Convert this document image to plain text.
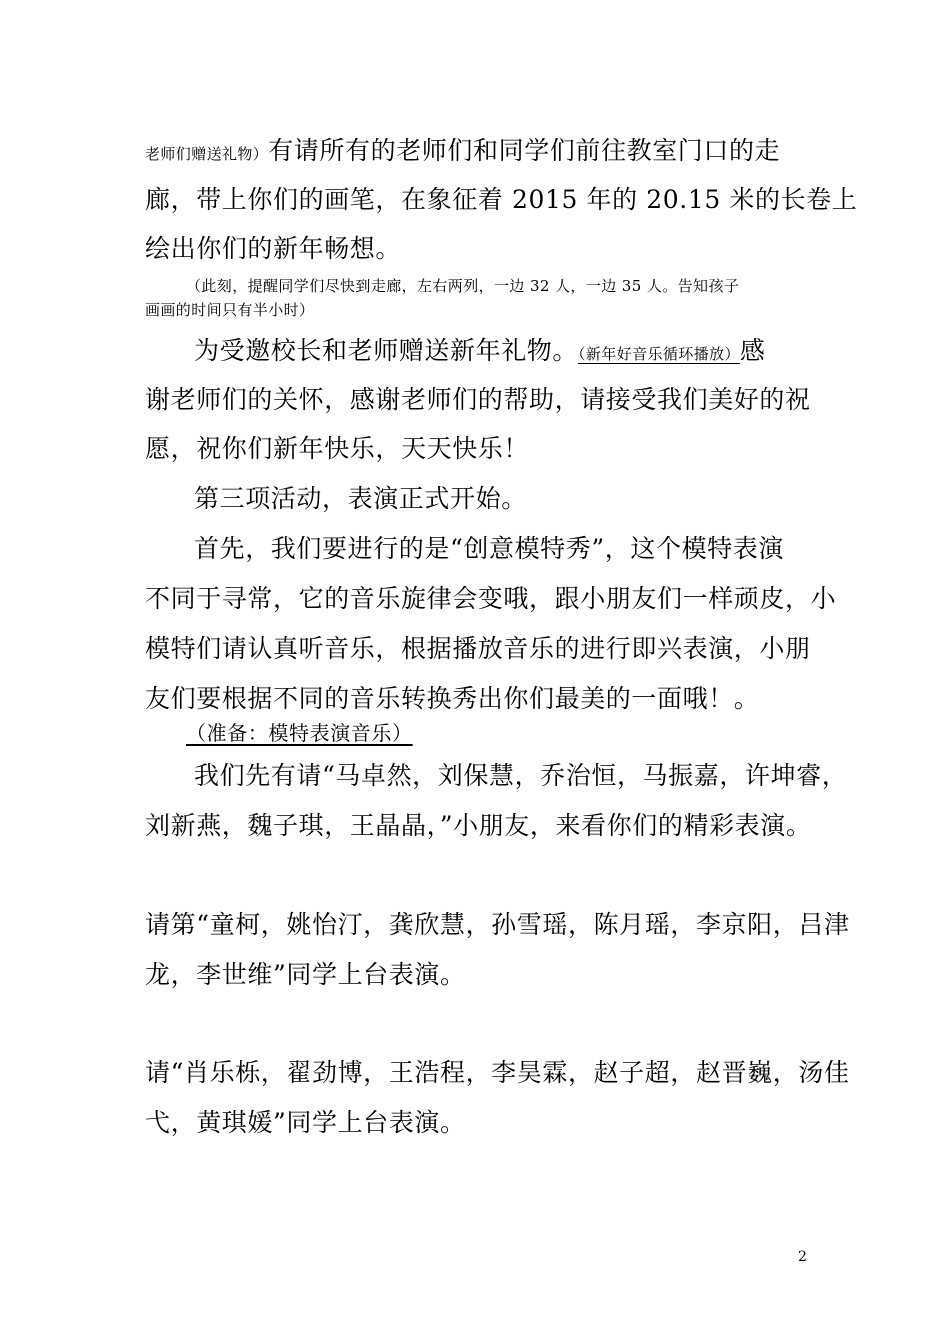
老师们赠送礼物）有请所有的老师们和同学们前往教室门口的走
廊，带上你们的画笔，在象征着 2015 年的 20.15 米的长卷上
绘出你们的新年畅想。
（此刻，提醒同学们尽快到走廊，左右两列，一边 32 人，一边 35 人。告知孩子
画画的时间只有半小时）
为受邀校长和老师赠送新年礼物。（新年好音乐循环播放）感
谢老师们的关怀，感谢老师们的帮助，请接受我们美好的祝
愿，祝你们新年快乐，天天快乐！
第三项活动，表演正式开始。
首先，我们要进行的是“创意模特秀”，这个模特表演
不同于寻常，它的音乐旋律会变哦，跟小朋友们一样顽皮，小
模特们请认真听音乐，根据播放音乐的进行即兴表演，小朋
友们要根据不同的音乐转换秀出你们最美的一面哦！。
（准备：模特表演音乐）
我们先有请“马卓然，刘保慧，乔治恒，马振嘉，许坤睿，
刘新燕，魏子琪，王晶晶，”小朋友，来看你们的精彩表演。
请第“童柯，姚怡汀，龚欣慧，孙雪瑶，陈月瑶，李京阳，吕津
龙，李世维”同学上台表演。
请“肖乐栎，翟劲博，王浩程，李昊霖，赵子超，赵晋巍，汤佳
弋，黄琪媛”同学上台表演。
2
